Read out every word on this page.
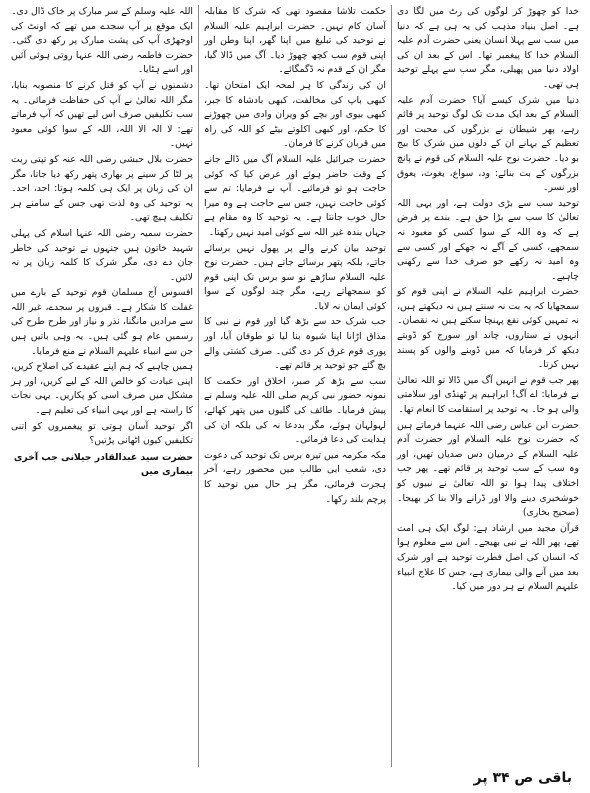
خدا کو چھوڑ کر لوگوں کی رٹ میں لگا دی ہے۔ اصل بنیاد مذہب کی یہ ہی ہے کہ دنیا میں سب سے پہلا انسان یعنی حضرت آدم علیہ السلام خدا کا پیغمبر تھا۔ اس کے بعد ان کی اولاد دنیا میں پھیلی، مگر سب سے پہلے توحید ہی تھی۔

دنیا میں شرک کیسے آیا؟ حضرت آدم علیہ السلام کے بعد ایک مدت تک لوگ توحید پر قائم رہے، پھر شیطان نے بزرگوں کی محبت اور تعظیم کے بہانے ان کے دلوں میں شرک کا بیج بو دیا۔ حضرت نوح علیہ السلام کی قوم نے پانچ بزرگوں کے بت بنائے: ود، سواع، یغوث، یعوق اور نسر۔

توحید سب سے بڑی دولت ہے، اور یہی اللہ تعالیٰ کا سب سے بڑا حق ہے۔ بندے پر فرض ہے کہ وہ اللہ کے سوا کسی کو معبود نہ سمجھے، کسی کے آگے نہ جھکے اور کسی سے وہ امید نہ رکھے جو صرف خدا سے رکھنی چاہیے۔

حضرت ابراہیم علیہ السلام نے اپنی قوم کو سمجھایا کہ یہ بت نہ سنتے ہیں نہ دیکھتے ہیں، نہ تمہیں کوئی نفع پہنچا سکتے ہیں نہ نقصان۔ انہوں نے ستاروں، چاند اور سورج کو ڈوبتے دیکھ کر فرمایا کہ میں ڈوبنے والوں کو پسند نہیں کرتا۔

پھر جب قوم نے انہیں آگ میں ڈالا تو اللہ تعالیٰ نے فرمایا: اے آگ! ابراہیم پر ٹھنڈی اور سلامتی والی ہو جا۔ یہ توحید پر استقامت کا انعام تھا۔

حضرت ابن عباس رضی اللہ عنہما فرماتے ہیں کہ حضرت نوح علیہ السلام اور حضرت آدم علیہ السلام کے درمیان دس صدیاں تھیں، اور وہ سب کے سب توحید پر قائم تھے۔ پھر جب اختلاف پیدا ہوا تو اللہ تعالیٰ نے نبیوں کو خوشخبری دینے والا اور ڈرانے والا بنا کر بھیجا۔ (صحیح بخاری)

قرآن مجید میں ارشاد ہے: لوگ ایک ہی امت تھے، پھر اللہ نے نبی بھیجے۔ اس سے معلوم ہوا کہ انسان کی اصل فطرت توحید ہے اور شرک بعد میں آنے والی بیماری ہے، جس کا علاج انبیاء علیہم السلام نے ہر دور میں کیا۔

حکمت تلاشا مقصود تھی کہ شرک کا مقابلہ آسان کام نہیں۔ حضرت ابراہیم علیہ السلام نے توحید کی تبلیغ میں اپنا گھر، اپنا وطن اور اپنی قوم سب کچھ چھوڑ دیا۔ آگ میں ڈالا گیا، مگر ان کے قدم نہ ڈگمگائے۔

ان کی زندگی کا ہر لمحہ ایک امتحان تھا۔ کبھی باپ کی مخالفت، کبھی بادشاہ کا جبر، کبھی بیوی اور بچے کو ویران وادی میں چھوڑنے کا حکم، اور کبھی اکلوتے بیٹے کو اللہ کی راہ میں قربان کرنے کا فرمان۔

حضرت جبرائیل علیہ السلام آگ میں ڈالے جانے کے وقت حاضر ہوئے اور عرض کیا کہ کوئی حاجت ہو تو فرمائیے۔ آپ نے فرمایا: تم سے کوئی حاجت نہیں، جس سے حاجت ہے وہ میرا حال خوب جانتا ہے۔ یہ توحید کا وہ مقام ہے جہاں بندہ غیر اللہ سے کوئی امید نہیں رکھتا۔

توحید بیان کرنے والے پر پھول نہیں برسائے جاتے، بلکہ پتھر برسائے جاتے ہیں۔ حضرت نوح علیہ السلام ساڑھے نو سو برس تک اپنی قوم کو سمجھاتے رہے، مگر چند لوگوں کے سوا کوئی ایمان نہ لایا۔

جب شرک حد سے بڑھ گیا اور قوم نے نبی کا مذاق اڑانا اپنا شیوہ بنا لیا تو طوفان آیا، اور پوری قوم غرق کر دی گئی۔ صرف کشتی والے بچ گئے جو توحید پر قائم تھے۔

سب سے بڑھ کر صبر، اخلاق اور حکمت کا نمونہ حضور نبی کریم صلی اللہ علیہ وسلم نے پیش فرمایا۔ طائف کی گلیوں میں پتھر کھائے، لہولہان ہوئے، مگر بددعا نہ کی بلکہ ان کی ہدایت کی دعا فرمائی۔

مکہ مکرمہ میں تیرہ برس تک توحید کی دعوت دی، شعب ابی طالب میں محصور رہے، آخر ہجرت فرمائی، مگر ہر حال میں توحید کا پرچم بلند رکھا۔

اللہ علیہ وسلم کے سر مبارک پر خاک ڈال دی۔ ایک موقع پر آپ سجدے میں تھے کہ اونٹ کی اوجھڑی آپ کی پشت مبارک پر رکھ دی گئی۔ حضرت فاطمہ رضی اللہ عنہا روتی ہوئی آئیں اور اسے ہٹایا۔

دشمنوں نے آپ کو قتل کرنے کا منصوبہ بنایا، مگر اللہ تعالیٰ نے آپ کی حفاظت فرمائی۔ یہ سب تکلیفیں صرف اس لیے تھیں کہ آپ فرماتے تھے: لا الہ الا اللہ، اللہ کے سوا کوئی معبود نہیں۔

حضرت بلال حبشی رضی اللہ عنہ کو تپتی ریت پر لٹا کر سینے پر بھاری پتھر رکھ دیا جاتا، مگر ان کی زبان پر ایک ہی کلمہ ہوتا: احد، احد۔ یہ توحید کی وہ لذت تھی جس کے سامنے ہر تکلیف ہیچ تھی۔

حضرت سمیہ رضی اللہ عنہا اسلام کی پہلی شہید خاتون ہیں جنہوں نے توحید کی خاطر جان دے دی، مگر شرک کا کلمہ زبان پر نہ لائیں۔

افسوس آج مسلمان قوم توحید کے بارے میں غفلت کا شکار ہے۔ قبروں پر سجدے، غیر اللہ سے مرادیں مانگنا، نذر و نیاز اور طرح طرح کی رسمیں عام ہو گئی ہیں۔ یہ وہی باتیں ہیں جن سے انبیاء علیہم السلام نے منع فرمایا۔

ہمیں چاہیے کہ ہم اپنے عقیدے کی اصلاح کریں، اپنی عبادت کو خالص اللہ کے لیے کریں، اور ہر مشکل میں صرف اسی کو پکاریں۔ یہی نجات کا راستہ ہے اور یہی انبیاء کی تعلیم ہے۔

اگر توحید آسان ہوتی تو پیغمبروں کو اتنی تکلیفیں کیوں اٹھانی پڑتیں؟

حضرت سید عبدالقادر جیلانی جب آخری بیماری میں

باقی ص ۳۴ پر
